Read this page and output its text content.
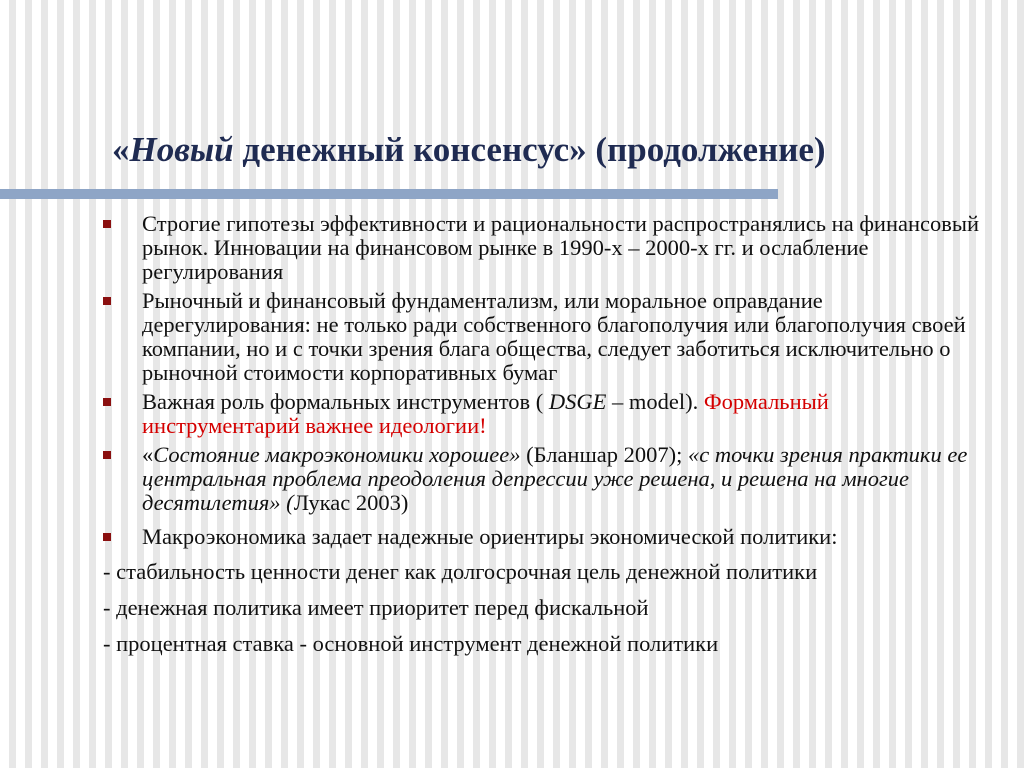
«Новый денежный консенсус» (продолжение)
Строгие гипотезы эффективности и рациональности распространялись на финансовый рынок. Инновации на финансовом рынке в 1990-х – 2000-х гг. и ослабление регулирования
Рыночный и финансовый фундаментализм, или моральное оправдание дерегулирования: не только ради собственного благополучия или благополучия своей компании, но и с точки зрения блага общества, следует заботиться исключительно о рыночной стоимости корпоративных бумаг
Важная роль формальных инструментов ( DSGE – model). Формальный инструментарий важнее идеологии!
«Состояние макроэкономики хорошее» (Бланшар 2007); «с точки зрения практики ее центральная проблема преодоления депрессии уже решена, и решена на многие десятилетия» (Лукас 2003)
Макроэкономика задает надежные ориентиры экономической политики:
- стабильность ценности денег как долгосрочная цель денежной политики
- денежная политика имеет приоритет перед фискальной
- процентная ставка - основной инструмент денежной политики
